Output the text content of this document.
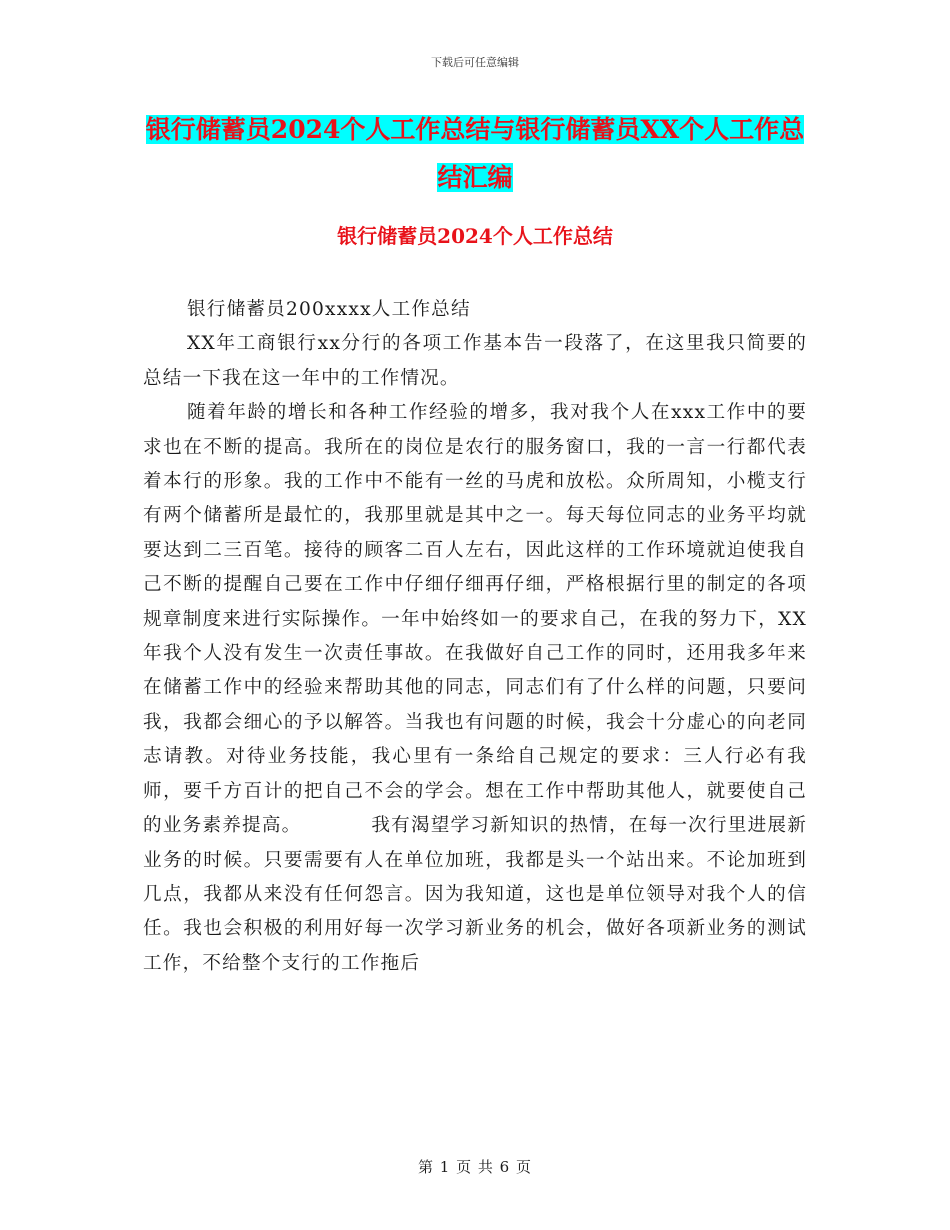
下载后可任意编辑
银行储蓄员2024个人工作总结与银行储蓄员XX个人工作总结汇编
银行储蓄员2024个人工作总结

银行储蓄员200xxxx人工作总结

XX年工商银行xx分行的各项工作基本告一段落了，在这里我只简要的总结一下我在这一年中的工作情况。

随着年龄的增长和各种工作经验的增多，我对我个人在xxx工作中的要求也在不断的提高。我所在的岗位是农行的服务窗口，我的一言一行都代表着本行的形象。我的工作中不能有一丝的马虎和放松。众所周知，小榄支行有两个储蓄所是最忙的，我那里就是其中之一。每天每位同志的业务平均就要达到二三百笔。接待的顾客二百人左右，因此这样的工作环境就迫使我自己不断的提醒自己要在工作中仔细仔细再仔细，严格根据行里的制定的各项规章制度来进行实际操作。一年中始终如一的要求自己，在我的努力下，XX年我个人没有发生一次责任事故。在我做好自己工作的同时，还用我多年来在储蓄工作中的经验来帮助其他的同志，同志们有了什么样的问题，只要问我，我都会细心的予以解答。当我也有问题的时候，我会十分虚心的向老同志请教。对待业务技能，我心里有一条给自己规定的要求：三人行必有我师，要千方百计的把自己不会的学会。想在工作中帮助其他人，就要使自己的业务素养提高。　　　　我有渴望学习新知识的热情，在每一次行里进展新业务的时候。只要需要有人在单位加班，我都是头一个站出来。不论加班到几点，我都从来没有任何怨言。因为我知道，这也是单位领导对我个人的信任。我也会积极的利用好每一次学习新业务的机会，做好各项新业务的测试工作，不给整个支行的工作拖后

第 1 页 共 6 页
